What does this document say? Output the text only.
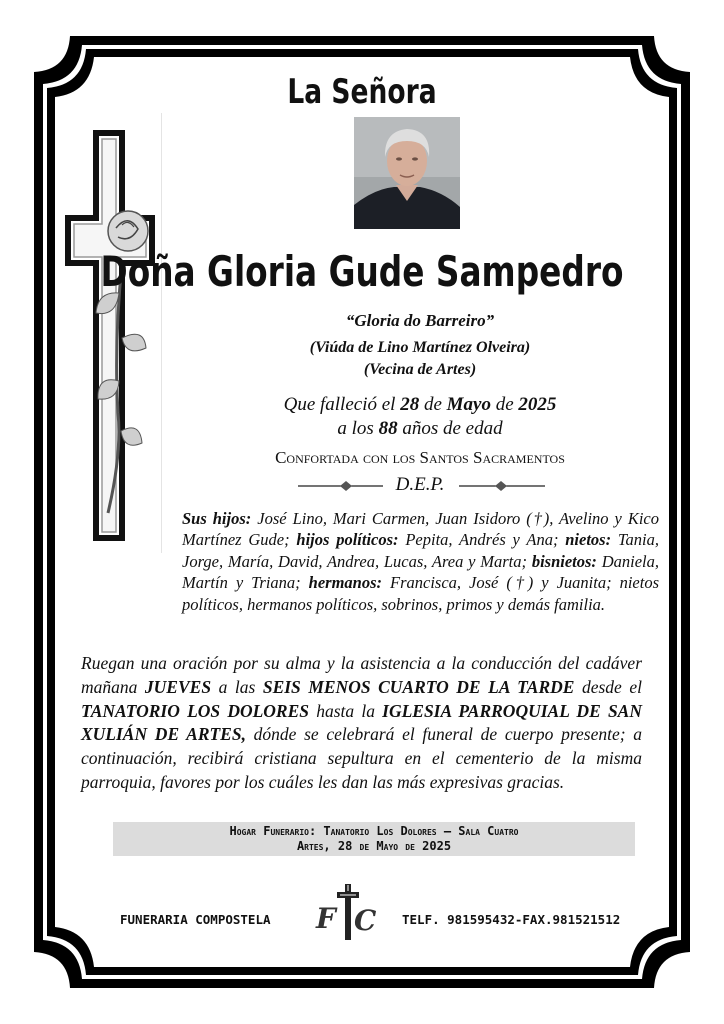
La Señora
Doña Gloria Gude Sampedro
“Gloria do Barreiro”
(Viúda de Lino Martínez Olveira)
(Vecina de Artes)
Que falleció el 28 de Mayo de 2025
a los 88 años de edad
Confortada con los Santos Sacramentos
D.E.P.
Sus hijos: José Lino, Mari Carmen, Juan Isidoro (†), Avelino y Kico Martínez Gude; hijos políticos: Pepita, Andrés y Ana; nietos: Tania, Jorge, María, David, Andrea, Lucas, Area y Marta; bisnietos: Daniela, Martín y Triana; hermanos: Francisca, José (†) y Juanita; nietos políticos, hermanos políticos, sobrinos, primos y demás familia.
Ruegan una oración por su alma y la asistencia a la conducción del cadáver mañana JUEVES a las SEIS MENOS CUARTO DE LA TARDE desde el TANATORIO LOS DOLORES hasta la IGLESIA PARROQUIAL DE SAN XULIÁN DE ARTES, dónde se celebrará el funeral de cuerpo presente; a continuación, recibirá cristiana sepultura en el cementerio de la misma parroquia, favores por los cuáles les dan las más expresivas gracias.
Hogar Funerario: Tanatorio Los Dolores – Sala Cuatro
Artes, 28 de Mayo de 2025
FUNERARIA COMPOSTELA F C TELF. 981595432-FAX.981521512
